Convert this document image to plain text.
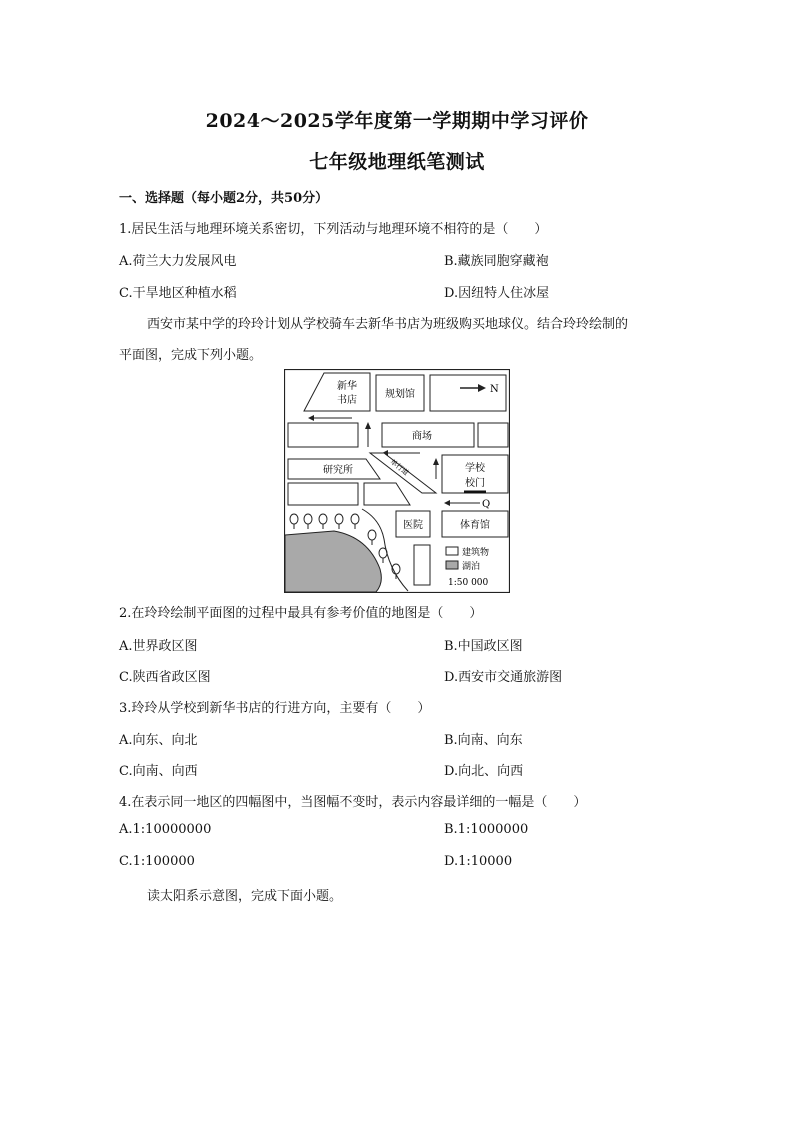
2024～2025学年度第一学期期中学习评价
七年级地理纸笔测试
一、选择题（每小题2分，共50分）
1.居民生活与地理环境关系密切，下列活动与地理环境不相符的是（　　）
A.荷兰大力发展风电	B.藏族同胞穿藏袍
C.干旱地区种植水稻	D.因纽特人住冰屋
西安市某中学的玲玲计划从学校骑车去新华书店为班级购买地球仪。结合玲玲绘制的
平面图，完成下列小题。
新华
书店
规划馆	N
商场
研究所	单行道	学校
校门
Q
医院	体育馆
建筑物
湖泊
1:50 000
2.在玲玲绘制平面图的过程中最具有参考价值的地图是（　　）
A.世界政区图	B.中国政区图
C.陕西省政区图	D.西安市交通旅游图
3.玲玲从学校到新华书店的行进方向，主要有（　　）
A.向东、向北	B.向南、向东
C.向南、向西	D.向北、向西
4.在表示同一地区的四幅图中，当图幅不变时，表示内容最详细的一幅是（　　）
A.1:10000000	B.1:1000000
C.1:100000	D.1:10000
读太阳系示意图，完成下面小题。
